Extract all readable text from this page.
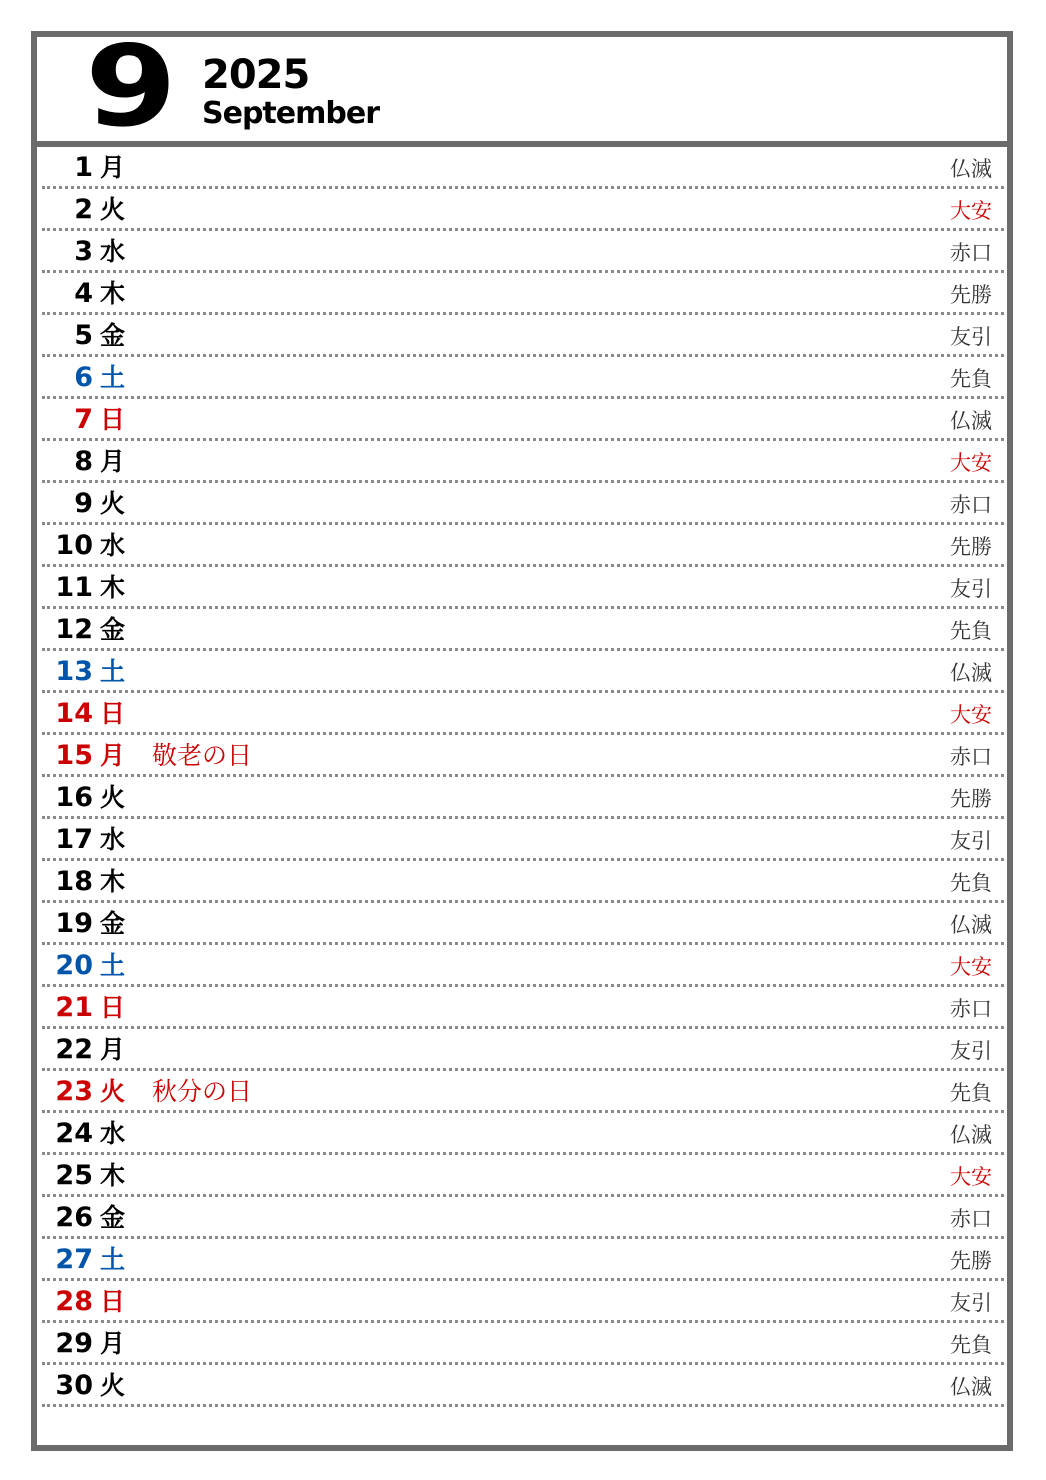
9 2025
September
1 月	仏滅
2 火	大安
3 水	赤口
4 木	先勝
5 金	友引
6 土	先負
7 日	仏滅
8 月	大安
9 火	赤口
10 水	先勝
11 木	友引
12 金	先負
13 土	仏滅
14 日	大安
15 月 敬老の日	赤口
16 火	先勝
17 水	友引
18 木	先負
19 金	仏滅
20 土	大安
21 日	赤口
22 月	友引
23 火 秋分の日	先負
24 水	仏滅
25 木	大安
26 金	赤口
27 土	先勝
28 日	友引
29 月	先負
30 火	仏滅
